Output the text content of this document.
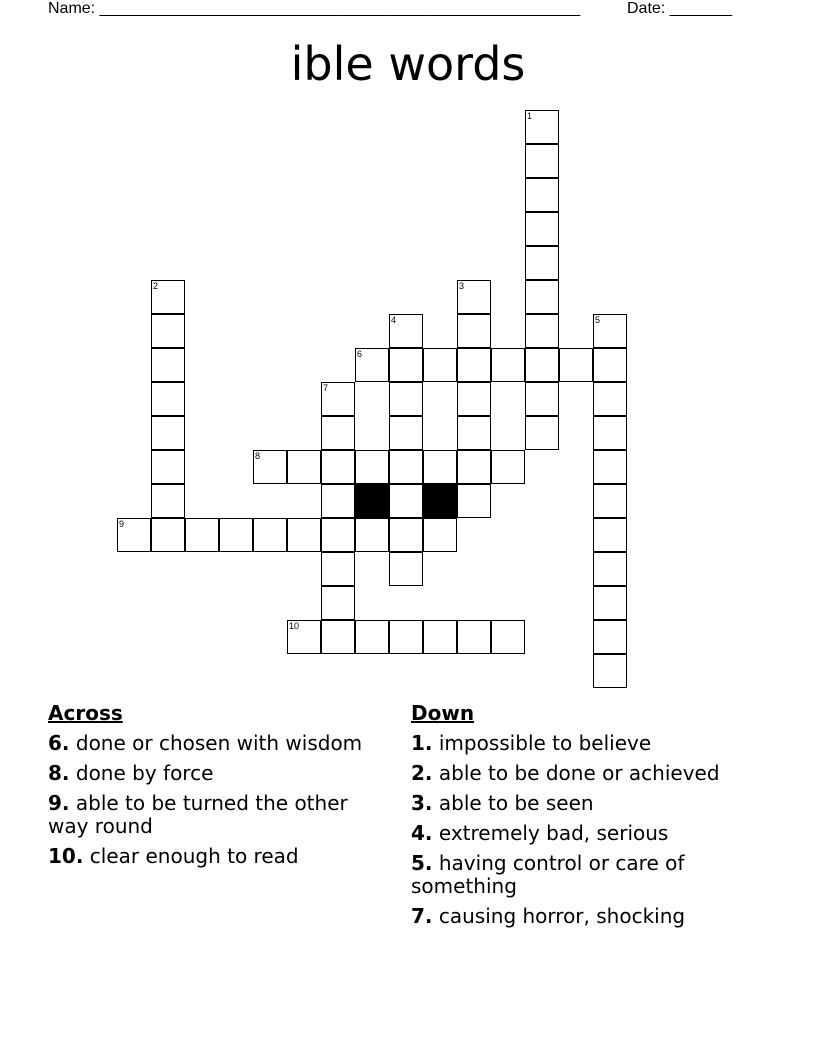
Name: ______________________________________________________	Date: _______
ible words
1
2	3
4	5
6
7
8
9
10
Across
6. done or chosen with wisdom
8. done by force
9. able to be turned the other way round
10. clear enough to read
Down
1. impossible to believe
2. able to be done or achieved
3. able to be seen
4. extremely bad, serious
5. having control or care of something
7. causing horror, shocking
